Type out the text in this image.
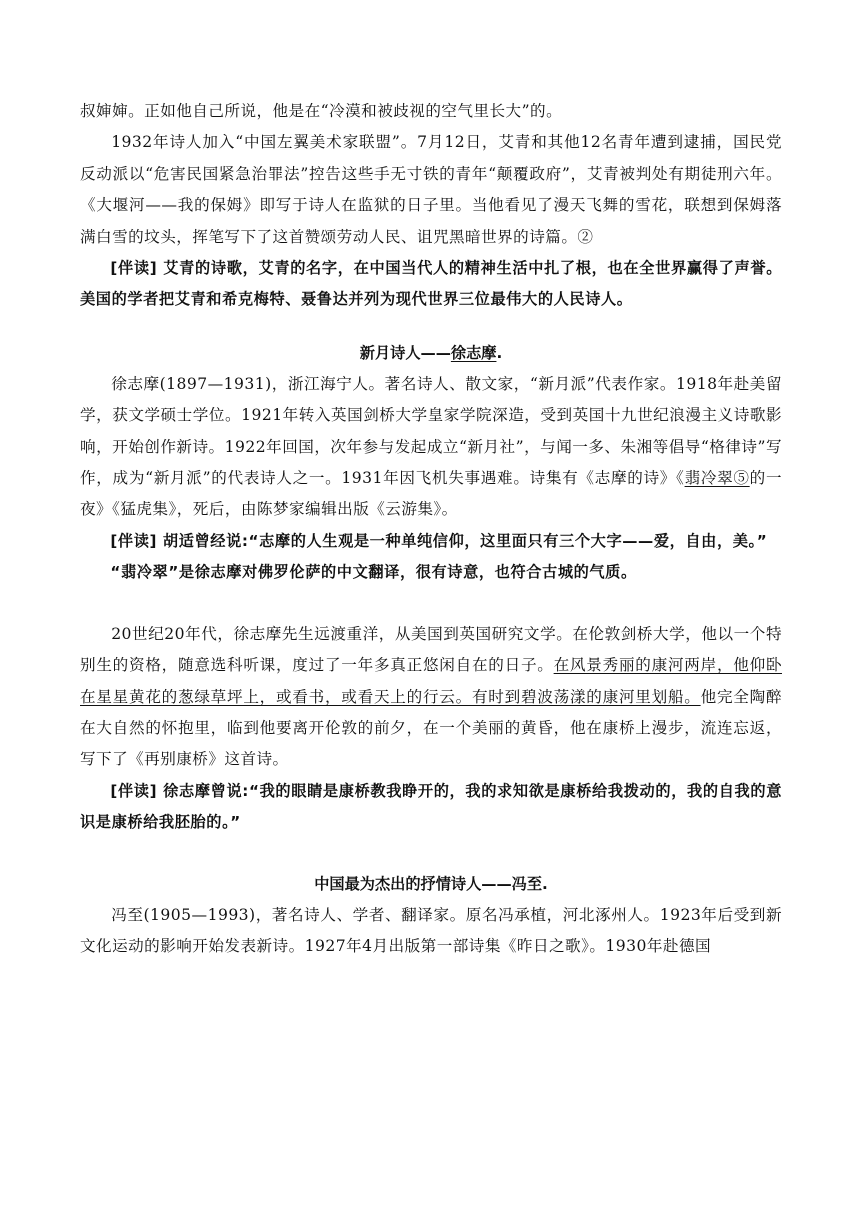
叔婶婶。正如他自己所说，他是在“冷漠和被歧视的空气里长大”的。

1932年诗人加入“中国左翼美术家联盟”。7月12日，艾青和其他12名青年遭到逮捕，国民党反动派以“危害民国紧急治罪法”控告这些手无寸铁的青年“颠覆政府”，艾青被判处有期徒刑六年。《大堰河——我的保姆》即写于诗人在监狱的日子里。当他看见了漫天飞舞的雪花，联想到保姆落满白雪的坟头，挥笔写下了这首赞颂劳动人民、诅咒黑暗世界的诗篇。②

[伴读] 艾青的诗歌，艾青的名字，在中国当代人的精神生活中扎了根，也在全世界赢得了声誉。美国的学者把艾青和希克梅特、聂鲁达并列为现代世界三位最伟大的人民诗人。

新月诗人——徐志摩.

徐志摩(1897—1931)，浙江海宁人。著名诗人、散文家，“新月派”代表作家。1918年赴美留学，获文学硕士学位。1921年转入英国剑桥大学皇家学院深造，受到英国十九世纪浪漫主义诗歌影响，开始创作新诗。1922年回国，次年参与发起成立“新月社”，与闻一多、朱湘等倡导“格律诗”写作，成为“新月派”的代表诗人之一。1931年因飞机失事遇难。诗集有《志摩的诗》《翡冷翠⑤的一夜》《猛虎集》，死后，由陈梦家编辑出版《云游集》。

[伴读] 胡适曾经说:“志摩的人生观是一种单纯信仰，这里面只有三个大字——爱，自由，美。”

“翡冷翠”是徐志摩对佛罗伦萨的中文翻译，很有诗意，也符合古城的气质。

20世纪20年代，徐志摩先生远渡重洋，从美国到英国研究文学。在伦敦剑桥大学，他以一个特别生的资格，随意选科听课，度过了一年多真正悠闲自在的日子。在风景秀丽的康河两岸，他仰卧在星星黄花的葱绿草坪上，或看书，或看天上的行云。有时到碧波荡漾的康河里划船。他完全陶醉在大自然的怀抱里，临到他要离开伦敦的前夕，在一个美丽的黄昏，他在康桥上漫步，流连忘返，写下了《再别康桥》这首诗。

[伴读] 徐志摩曾说:“我的眼睛是康桥教我睁开的，我的求知欲是康桥给我拨动的，我的自我的意识是康桥给我胚胎的。”

中国最为杰出的抒情诗人——冯至.

冯至(1905—1993)，著名诗人、学者、翻译家。原名冯承植，河北涿州人。1923年后受到新文化运动的影响开始发表新诗。1927年4月出版第一部诗集《昨日之歌》。1930年赴德国
